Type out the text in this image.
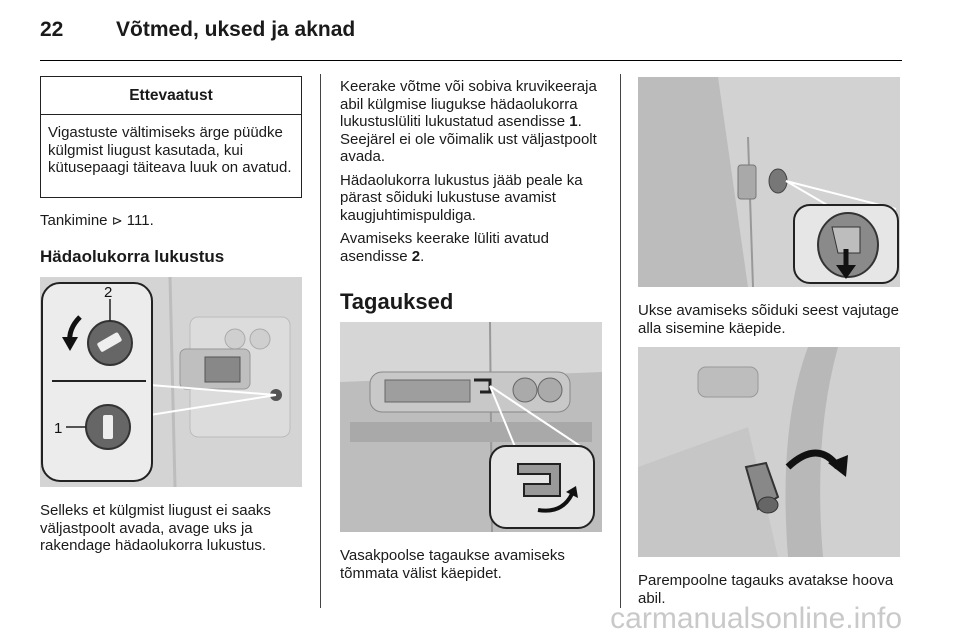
22	Võtmed, uksed ja aknad
Ettevaatust
Vigastuste vältimiseks ärge püüdke külgmist liugust kasutada, kui kütusepaagi täiteava luuk on avatud.
Tankimine ⊳ 111.
Hädaolukorra lukustus
2
1
Selleks et külgmist liugust ei saaks väljastpoolt avada, avage uks ja rakendage hädaolukorra lukustus.

Keerake võtme või sobiva kruvikeeraja abil külgmise liugukse hädaolukorra lukustuslüliti lukustatud asendisse 1. Seejärel ei ole võimalik ust väljastpoolt avada.

Hädaolukorra lukustus jääb peale ka pärast sõiduki lukustuse avamist kaugjuhtimispuldiga.

Avamiseks keerake lüliti avatud asendisse 2.

Tagauksed
Vasakpoolse tagaukse avamiseks tõmmata välist käepidet.
Ukse avamiseks sõiduki seest vajutage alla sisemine käepide.
Parempoolne tagauks avatakse hoova abil.
carmanualsonline.info
